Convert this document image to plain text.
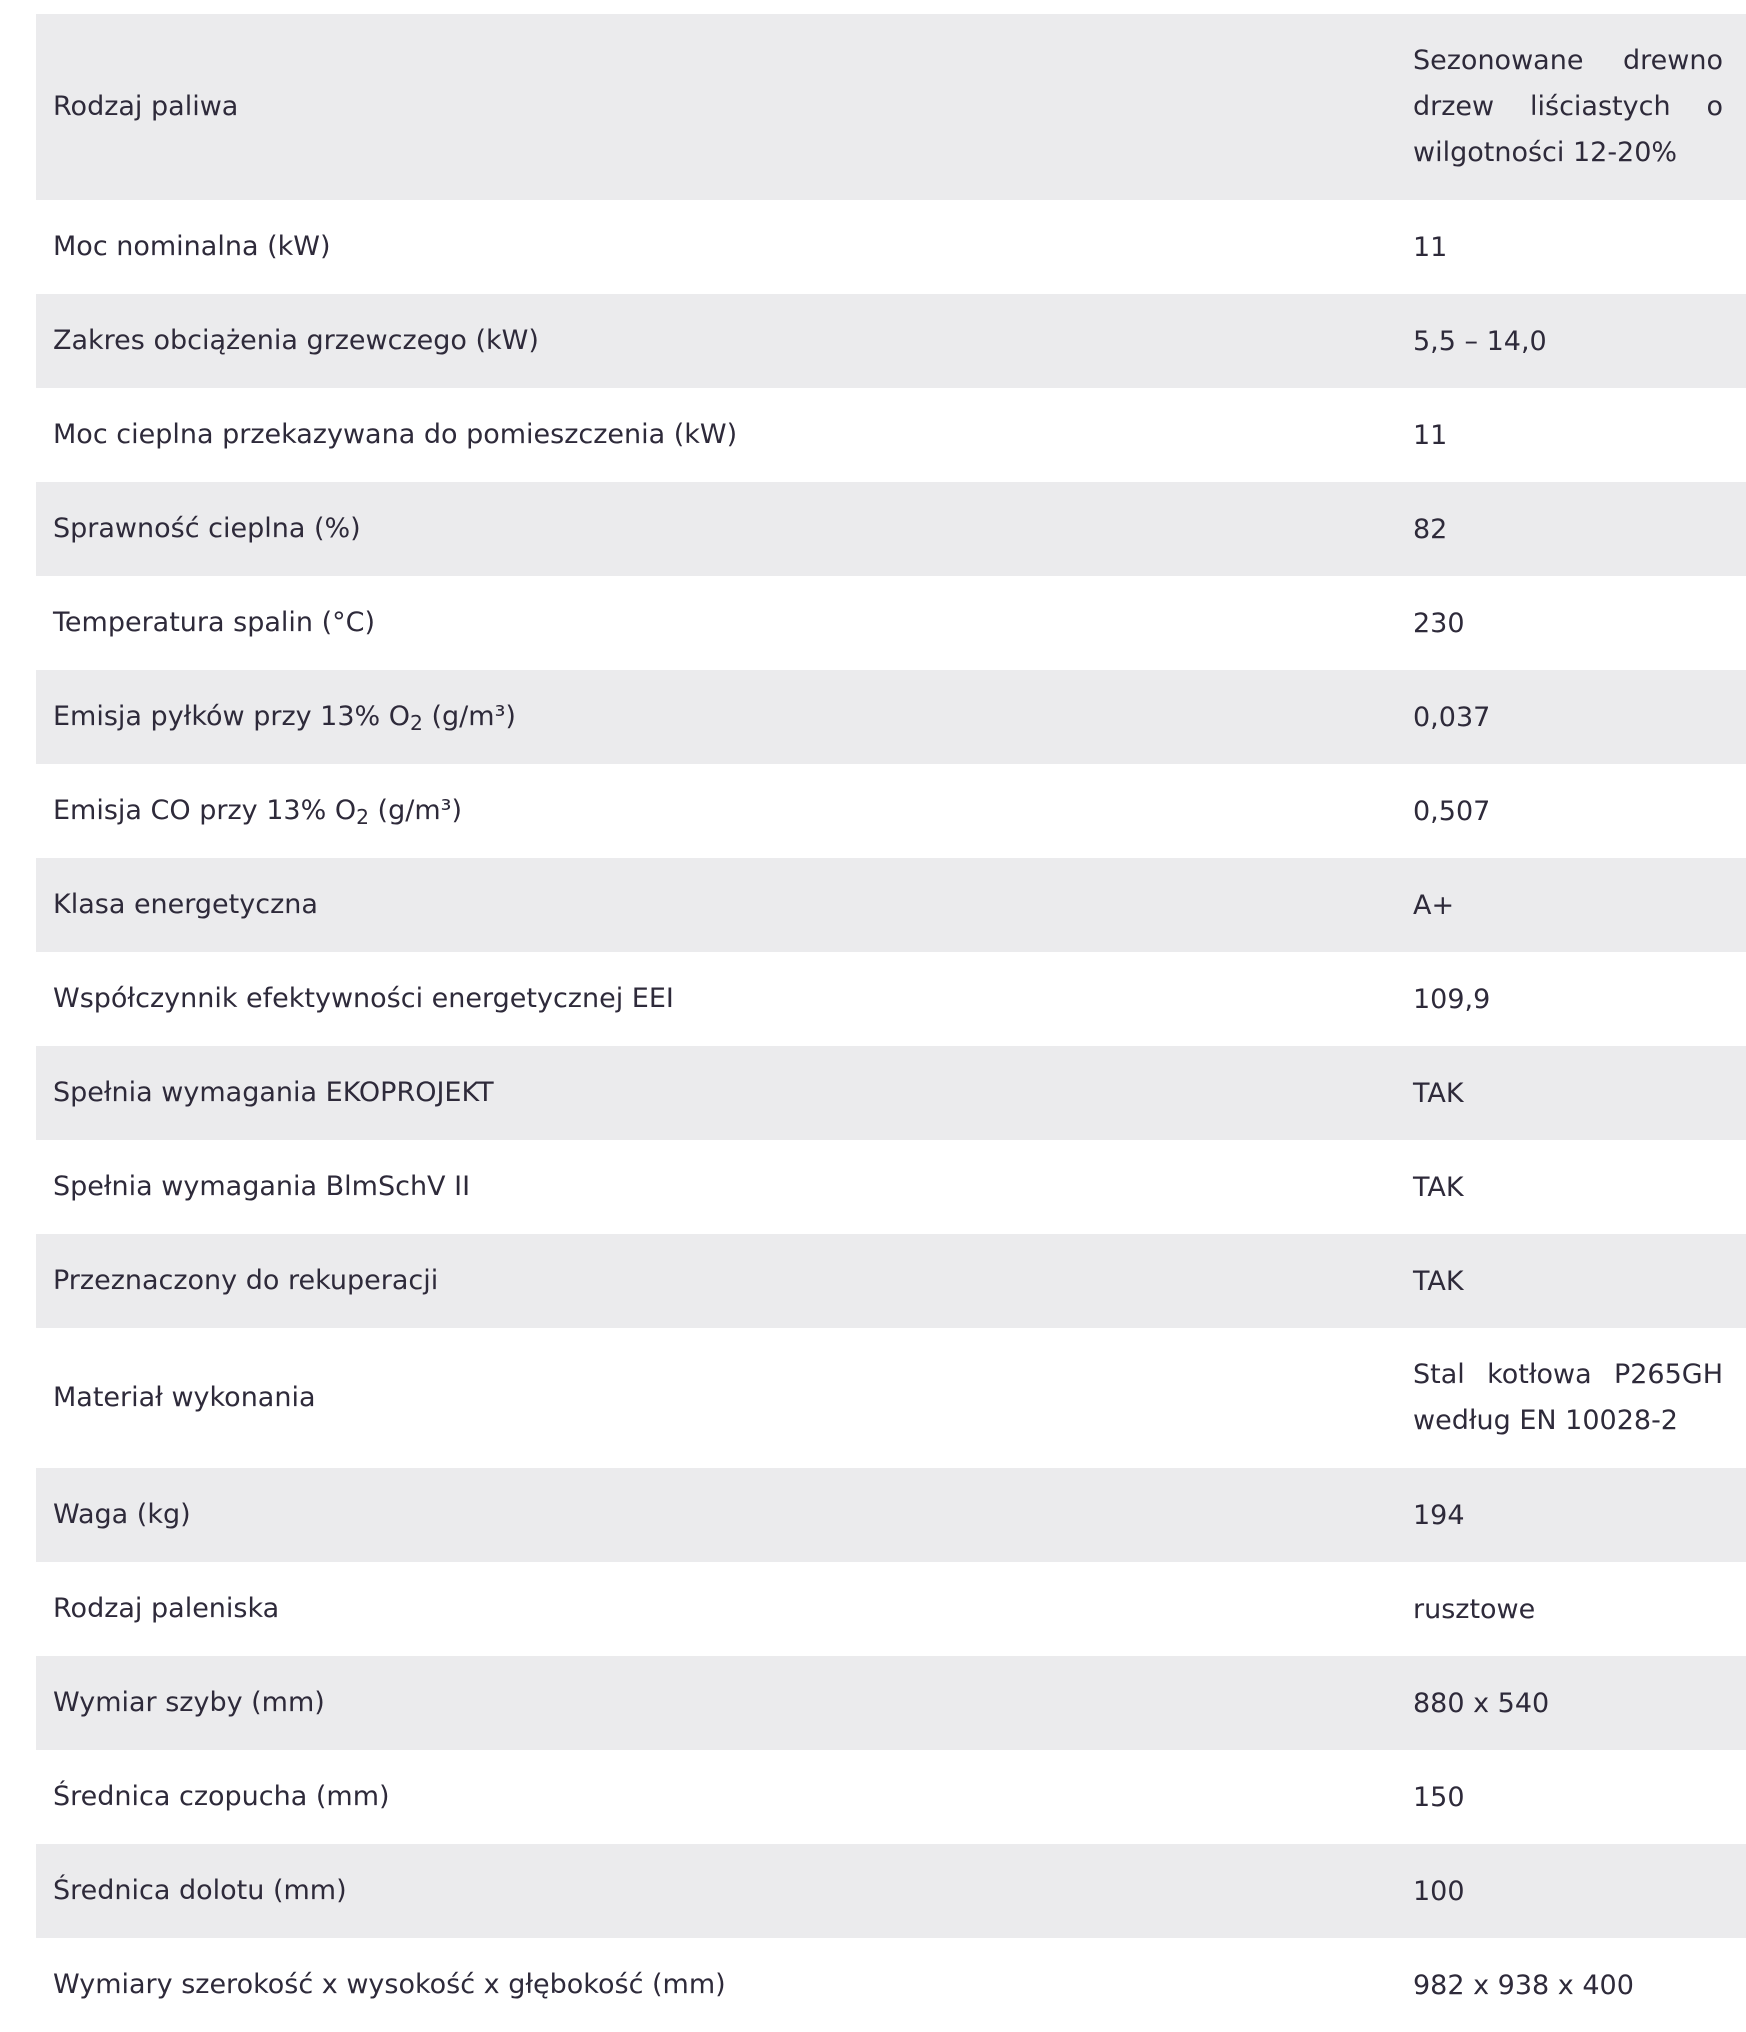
Rodzaj paliwa	Sezonowane drewno drzew liściastych o wilgotności 12-20%

Moc nominalna (kW)	11
Zakres obciążenia grzewczego (kW)	5,5 – 14,0
Moc cieplna przekazywana do pomieszczenia (kW)	11
Sprawność cieplna (%)	82
Temperatura spalin (°C)	230
Emisja pyłków przy 13% $O_2$ (g/m³)	0,037
Emisja CO przy 13% $O_2$ (g/m³)	0,507
Klasa energetyczna	A+
Współczynnik efektywności energetycznej EEI	109,9
Spełnia wymagania EKOPROJEKT	TAK
Spełnia wymagania BlmSchV II	TAK
Przeznaczony do rekuperacji	TAK
Materiał wykonania	Stal kotłowa P265GH według EN 10028-2

Waga (kg)	194
Rodzaj paleniska	rusztowe
Wymiar szyby (mm)	880 x 540
Średnica czopucha (mm)	150
Średnica dolotu (mm)	100
Wymiary szerokość x wysokość x głębokość (mm)	982 x 938 x 400
